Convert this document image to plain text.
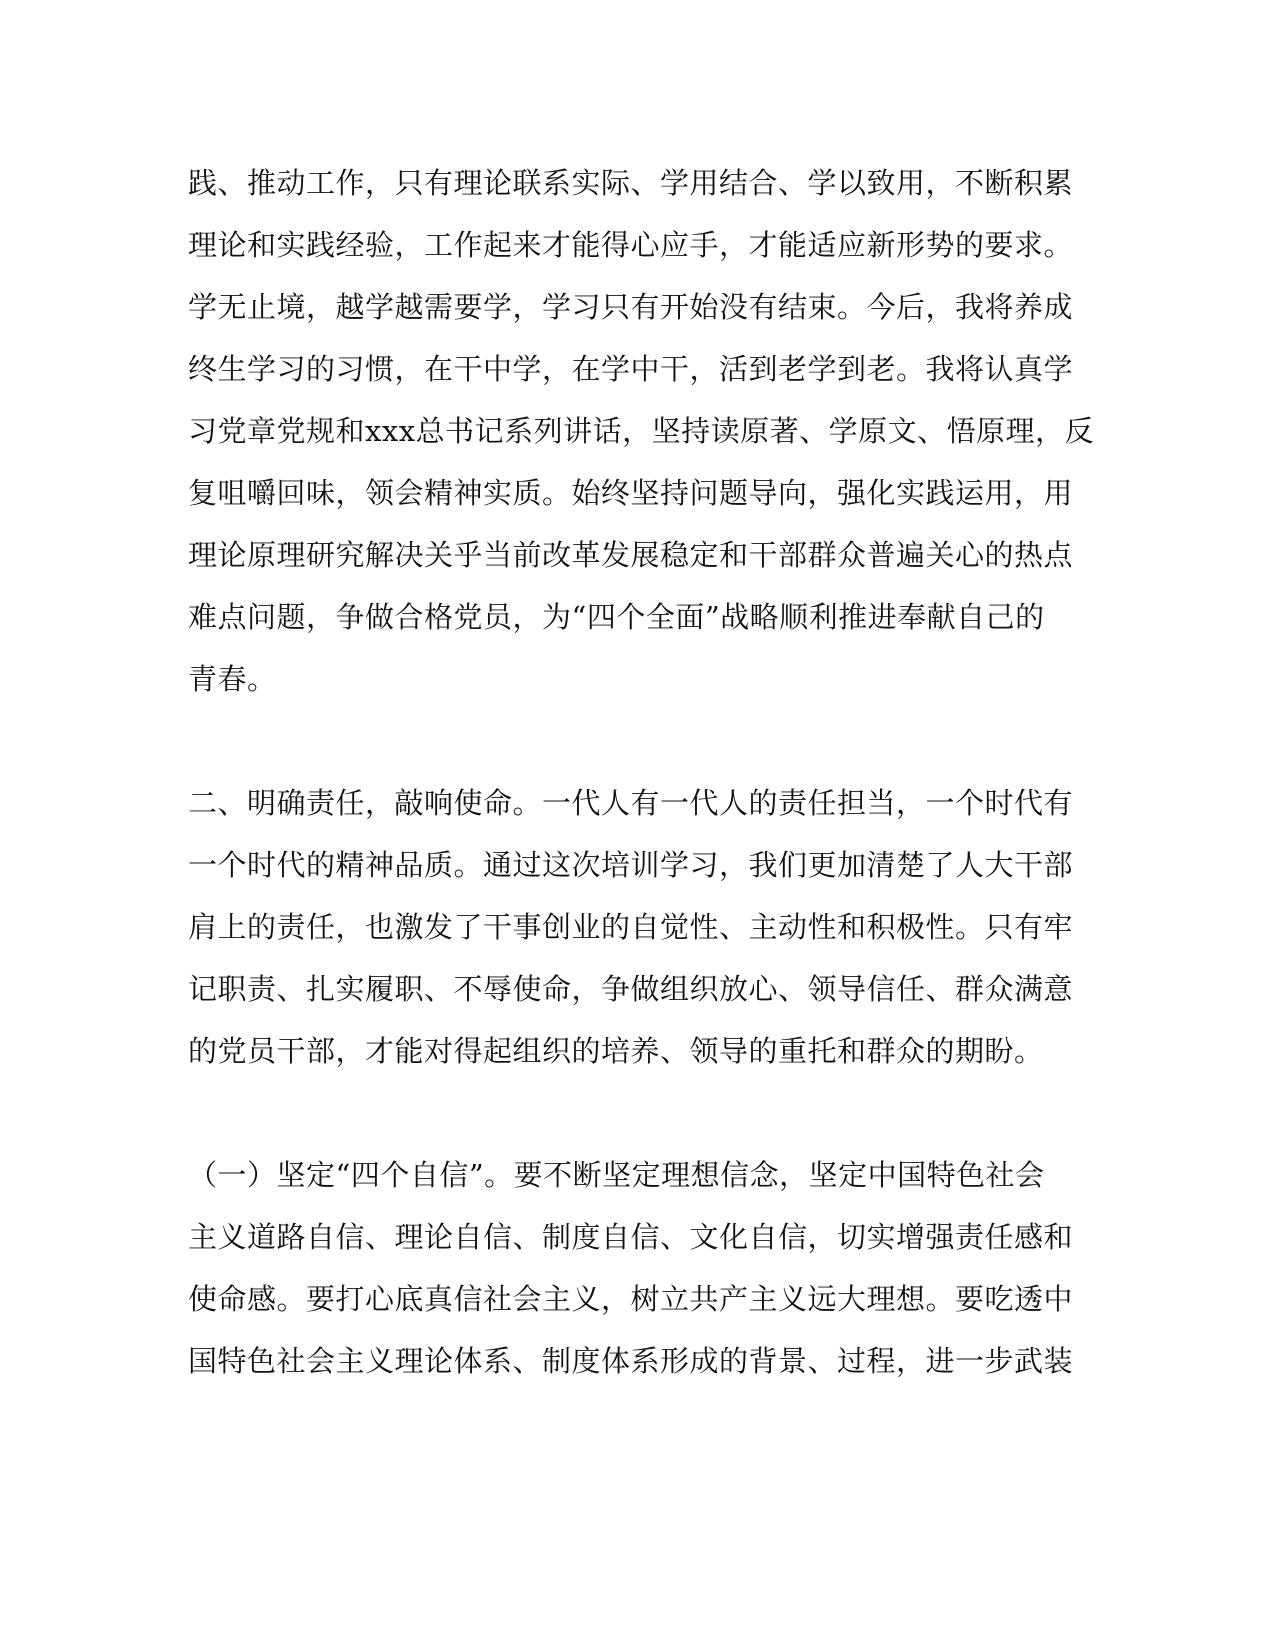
践、推动工作，只有理论联系实际、学用结合、学以致用，不断积累
理论和实践经验，工作起来才能得心应手，才能适应新形势的要求。
学无止境，越学越需要学，学习只有开始没有结束。今后，我将养成
终生学习的习惯，在干中学，在学中干，活到老学到老。我将认真学
习党章党规和xxx总书记系列讲话，坚持读原著、学原文、悟原理，反
复咀嚼回味，领会精神实质。始终坚持问题导向，强化实践运用，用
理论原理研究解决关乎当前改革发展稳定和干部群众普遍关心的热点
难点问题，争做合格党员，为“四个全面”战略顺利推进奉献自己的
青春。
二、明确责任，敲响使命。一代人有一代人的责任担当，一个时代有
一个时代的精神品质。通过这次培训学习，我们更加清楚了人大干部
肩上的责任，也激发了干事创业的自觉性、主动性和积极性。只有牢
记职责、扎实履职、不辱使命，争做组织放心、领导信任、群众满意
的党员干部，才能对得起组织的培养、领导的重托和群众的期盼。
（一）坚定“四个自信”。要不断坚定理想信念，坚定中国特色社会
主义道路自信、理论自信、制度自信、文化自信，切实增强责任感和
使命感。要打心底真信社会主义，树立共产主义远大理想。要吃透中
国特色社会主义理论体系、制度体系形成的背景、过程，进一步武装
